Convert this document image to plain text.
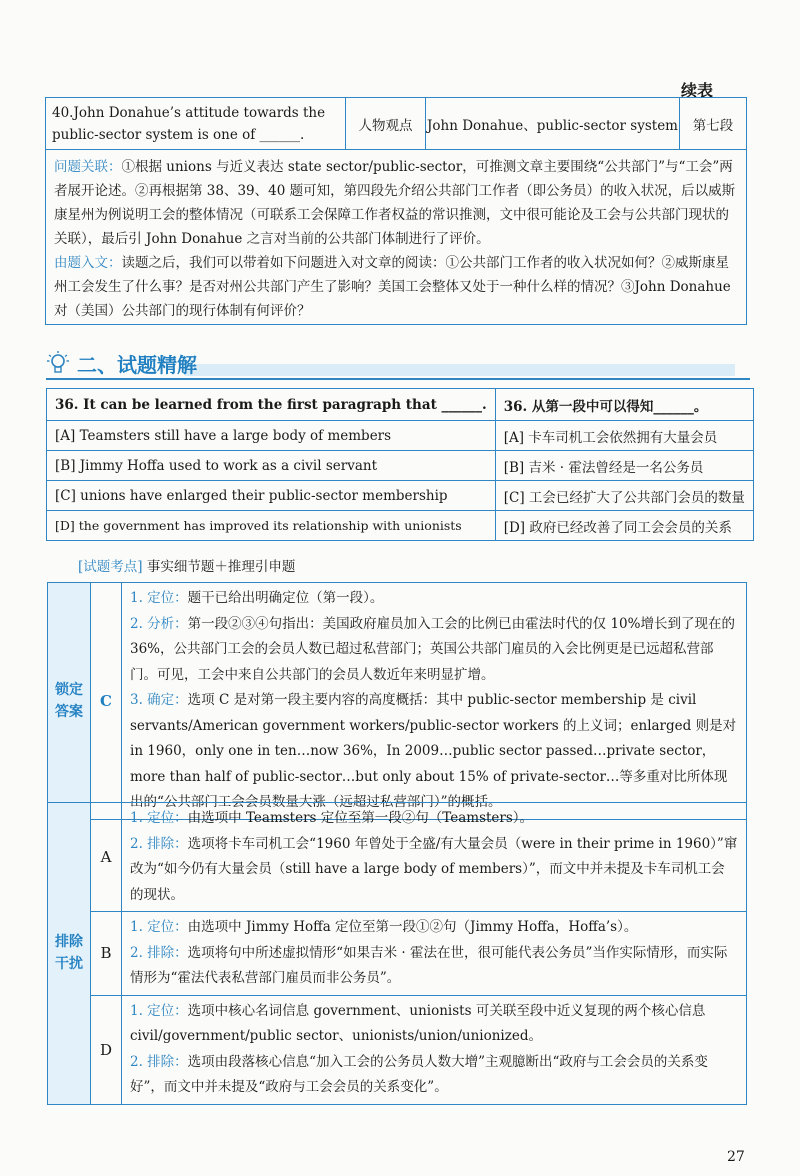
续表
40.John Donahue’s attitude towards the public-sector system is one of ______.
人物观点	John Donahue、public-sector system	第七段
问题关联：①根据 unions 与近义表达 state sector/public-sector，可推测文章主要围绕“公共部门”与“工会”两者展开论述。②再根据第 38、39、40 题可知，第四段先介绍公共部门工作者（即公务员）的收入状况，后以威斯康星州为例说明工会的整体情况（可联系工会保障工作者权益的常识推测，文中很可能论及工会与公共部门现状的关联），最后引 John Donahue 之言对当前的公共部门体制进行了评价。
由题入文：读题之后，我们可以带着如下问题进入对文章的阅读：①公共部门工作者的收入状况如何？②威斯康星州工会发生了什么事？是否对州公共部门产生了影响？美国工会整体又处于一种什么样的情况？③John Donahue 对（美国）公共部门的现行体制有何评价？
二、试题精解
36. It can be learned from the first paragraph that ______.	36. 从第一段中可以得知______。
[A] Teamsters still have a large body of members	[A] 卡车司机工会依然拥有大量会员
[B] Jimmy Hoffa used to work as a civil servant	[B] 吉米 · 霍法曾经是一名公务员
[C] unions have enlarged their public-sector membership	[C] 工会已经扩大了公共部门会员的数量
[D] the government has improved its relationship with unionists	[D] 政府已经改善了同工会会员的关系
[试题考点] 事实细节题＋推理引申题
锁定答案	C	
1. 定位：题干已给出明确定位（第一段）。
2. 分析：第一段②③④句指出：美国政府雇员加入工会的比例已由霍法时代的仅 10%增长到了现在的 36%，公共部门工会的会员人数已超过私营部门；英国公共部门雇员的入会比例更是已远超私营部门。可见，工会中来自公共部门的会员人数近年来明显扩增。
3. 确定：选项 C 是对第一段主要内容的高度概括：其中 public-sector membership 是 civil servants/American government workers/public-sector workers 的上义词；enlarged 则是对 in 1960，only one in ten…now 36%，In 2009…public sector passed…private sector，more than half of public-sector…but only about 15% of private-sector…等多重对比所体现出的“公共部门工会会员数量大涨（远超过私营部门）”的概括。
排除干扰	A	1. 定位：由选项中 Teamsters 定位至第一段②句（Teamsters）。
2. 排除：选项将卡车司机工会“1960 年曾处于全盛/有大量会员（were in their prime in 1960）”窜改为“如今仍有大量会员（still have a large body of members）”，而文中并未提及卡车司机工会的现状。

	B	1. 定位：由选项中 Jimmy Hoffa 定位至第一段①②句（Jimmy Hoffa，Hoffa’s）。
2. 排除：选项将句中所述虚拟情形“如果吉米 · 霍法在世，很可能代表公务员”当作实际情形，而实际情形为“霍法代表私营部门雇员而非公务员”。

	D	1. 定位：选项中核心名词信息 government、unionists 可关联至段中近义复现的两个核心信息 civil/government/public sector、unionists/union/unionized。
2. 排除：选项由段落核心信息“加入工会的公务员人数大增”主观臆断出“政府与工会会员的关系变好”，而文中并未提及“政府与工会会员的关系变化”。
27
